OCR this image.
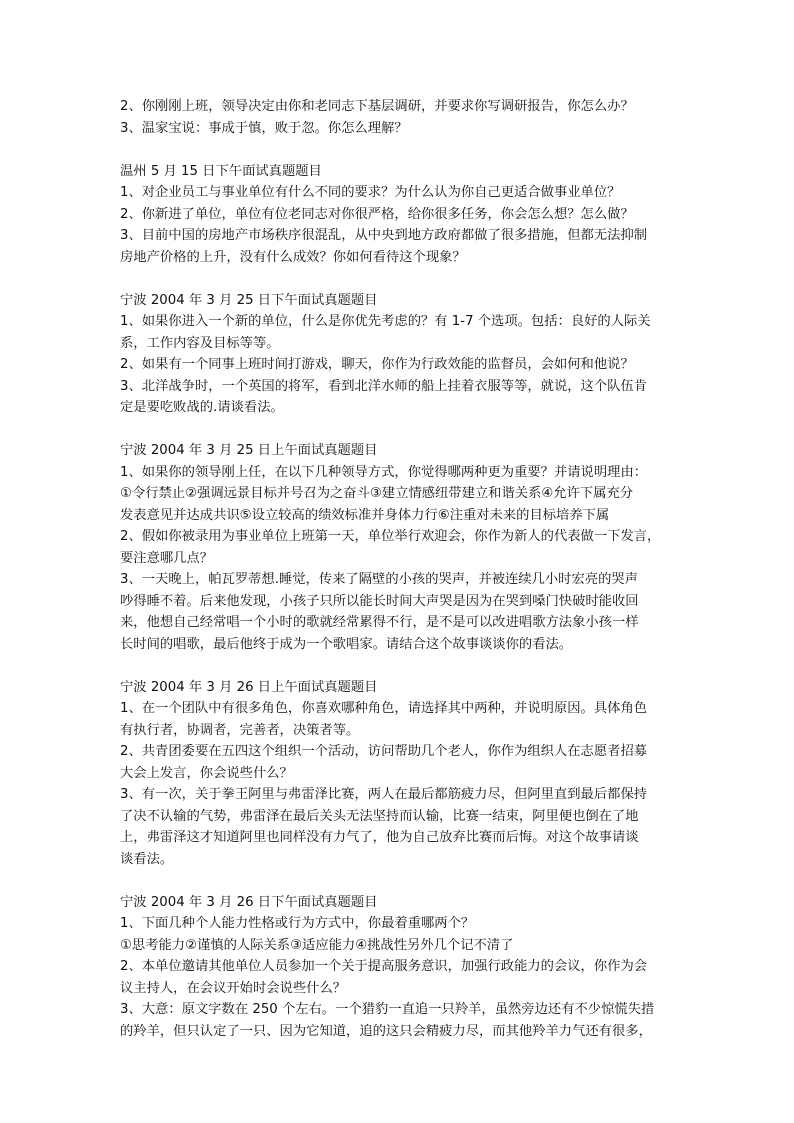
2、你刚刚上班，领导决定由你和老同志下基层调研，并要求你写调研报告，你怎么办？

3、温家宝说：事成于慎，败于忽。你怎么理解？

温州 5 月 15 日下午面试真题题目

1、对企业员工与事业单位有什么不同的要求？为什么认为你自己更适合做事业单位？

2、你新进了单位，单位有位老同志对你很严格，给你很多任务，你会怎么想？怎么做？

3、目前中国的房地产市场秩序很混乱，从中央到地方政府都做了很多措施，但都无法抑制

房地产价格的上升，没有什么成效？你如何看待这个现象？

宁波 2004 年 3 月 25 日下午面试真题题目

1、如果你进入一个新的单位，什么是你优先考虑的？有 1-7 个选项。包括：良好的人际关

系，工作内容及目标等等。

2、如果有一个同事上班时间打游戏，聊天，你作为行政效能的监督员，会如何和他说？

3、北洋战争时，一个英国的将军，看到北洋水师的船上挂着衣服等等，就说，这个队伍肯

定是要吃败战的.请谈看法。

宁波 2004 年 3 月 25 日上午面试真题题目

1、如果你的领导刚上任，在以下几种领导方式，你觉得哪两种更为重要？并请说明理由：

①令行禁止②强调远景目标并号召为之奋斗③建立情感纽带建立和谐关系④允许下属充分

发表意见并达成共识⑤设立较高的绩效标准并身体力行⑥注重对未来的目标培养下属

2、假如你被录用为事业单位上班第一天，单位举行欢迎会，你作为新人的代表做一下发言，

要注意哪几点？

3、一天晚上，帕瓦罗蒂想.睡觉，传来了隔壁的小孩的哭声，并被连续几小时宏亮的哭声

吵得睡不着。后来他发现，小孩子只所以能长时间大声哭是因为在哭到嗓门快破时能收回

来，他想自己经常唱一个小时的歌就经常累得不行，是不是可以改进唱歌方法象小孩一样

长时间的唱歌，最后他终于成为一个歌唱家。请结合这个故事谈谈你的看法。

宁波 2004 年 3 月 26 日上午面试真题题目

1、在一个团队中有很多角色，你喜欢哪种角色，请选择其中两种，并说明原因。具体角色

有执行者，协调者，完善者，决策者等。

2、共青团委要在五四这个组织一个活动，访问帮助几个老人，你作为组织人在志愿者招募

大会上发言，你会说些什么？

3、有一次，关于拳王阿里与弗雷泽比赛，两人在最后都筋疲力尽，但阿里直到最后都保持

了决不认输的气势，弗雷泽在最后关头无法坚持而认输，比赛一结束，阿里便也倒在了地

上，弗雷泽这才知道阿里也同样没有力气了，他为自己放弃比赛而后悔。对这个故事请谈

谈看法。

宁波 2004 年 3 月 26 日下午面试真题题目

1、下面几种个人能力性格或行为方式中，你最着重哪两个？

①思考能力②谨慎的人际关系③适应能力④挑战性另外几个记不清了

2、本单位邀请其他单位人员参加一个关于提高服务意识，加强行政能力的会议，你作为会

议主持人，在会议开始时会说些什么？

3、大意：原文字数在 250 个左右。一个猎豹一直追一只羚羊，虽然旁边还有不少惊慌失措

的羚羊，但只认定了一只、因为它知道，追的这只会精疲力尽，而其他羚羊力气还有很多，
